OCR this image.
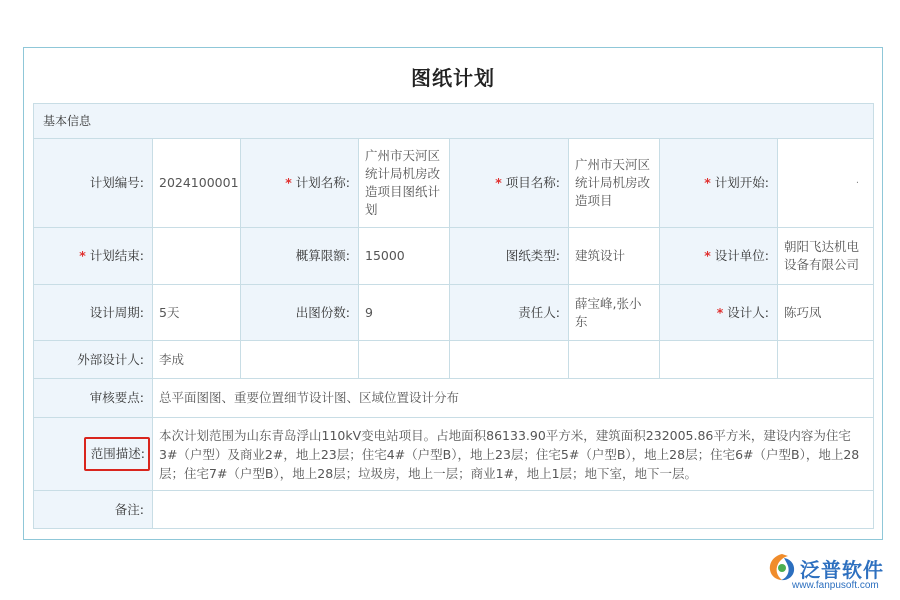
图纸计划
基本信息							
计划编号:	2024100001	* 计划名称:	广州市天河区统计局机房改造项目图纸计划	* 项目名称:	广州市天河区统计局机房改造项目	* 计划开始:	·
* 计划结束:		概算限额:	15000	图纸类型:	建筑设计	* 设计单位:	朝阳飞达机电设备有限公司
设计周期:	5天	出图份数:	9	责任人:	薛宝峰,张小东	* 设计人:	陈巧凤
外部设计人:	李成						
审核要点:	总平面图图、重要位置细节设计图、区域位置设计分布						
范围描述:	本次计划范围为山东青岛浮山110kV变电站项目。占地面积86133.90平方米，建筑面积232005.86平方米，建设内容为住宅3#（户型）及商业2#，地上23层；住宅4#（户型B），地上23层；住宅5#（户型B），地上28层；住宅6#（户型B），地上28层；住宅7#（户型B），地上28层；垃圾房，地上一层；商业1#，地上1层；地下室，地下一层。						
备注:							
泛普软件
www.fanpusoft.com
